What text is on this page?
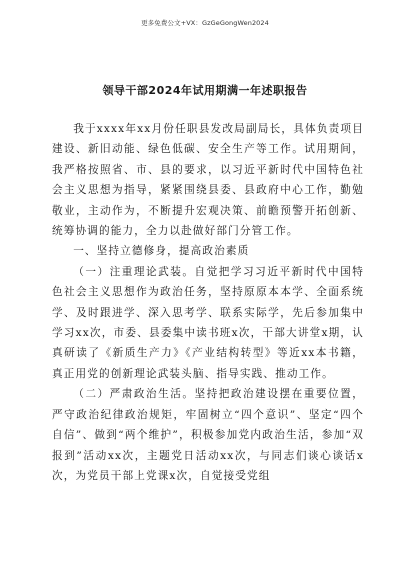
更多免费公文+VX：GzGeGongWen2024
领导干部2024年试用期满一年述职报告

我于xxxx年xx月份任职县发改局副局长，具体负责项目建设、新旧动能、绿色低碳、安全生产等工作。试用期间，我严格按照省、市、县的要求，以习近平新时代中国特色社会主义思想为指导，紧紧围绕县委、县政府中心工作，勤勉敬业，主动作为，不断提升宏观决策、前瞻预警开拓创新、统筹协调的能力，全力以赴做好部门分管工作。

一、坚持立德修身，提高政治素质

（一）注重理论武装。自觉把学习习近平新时代中国特色社会主义思想作为政治任务，坚持原原本本学、全面系统学、及时跟进学、深入思考学、联系实际学，先后参加集中学习xx次，市委、县委集中读书班x次，干部大讲堂x期，认真研读了《新质生产力》《产业结构转型》等近xx本书籍，真正用党的创新理论武装头脑、指导实践、推动工作。

（二）严肃政治生活。坚持把政治建设摆在重要位置，严守政治纪律政治规矩，牢固树立“四个意识”、坚定“四个自信”、做到“两个维护”，积极参加党内政治生活，参加“双报到”活动xx次，主题党日活动xx次，与同志们谈心谈话x次，为党员干部上党课x次，自觉接受党组
